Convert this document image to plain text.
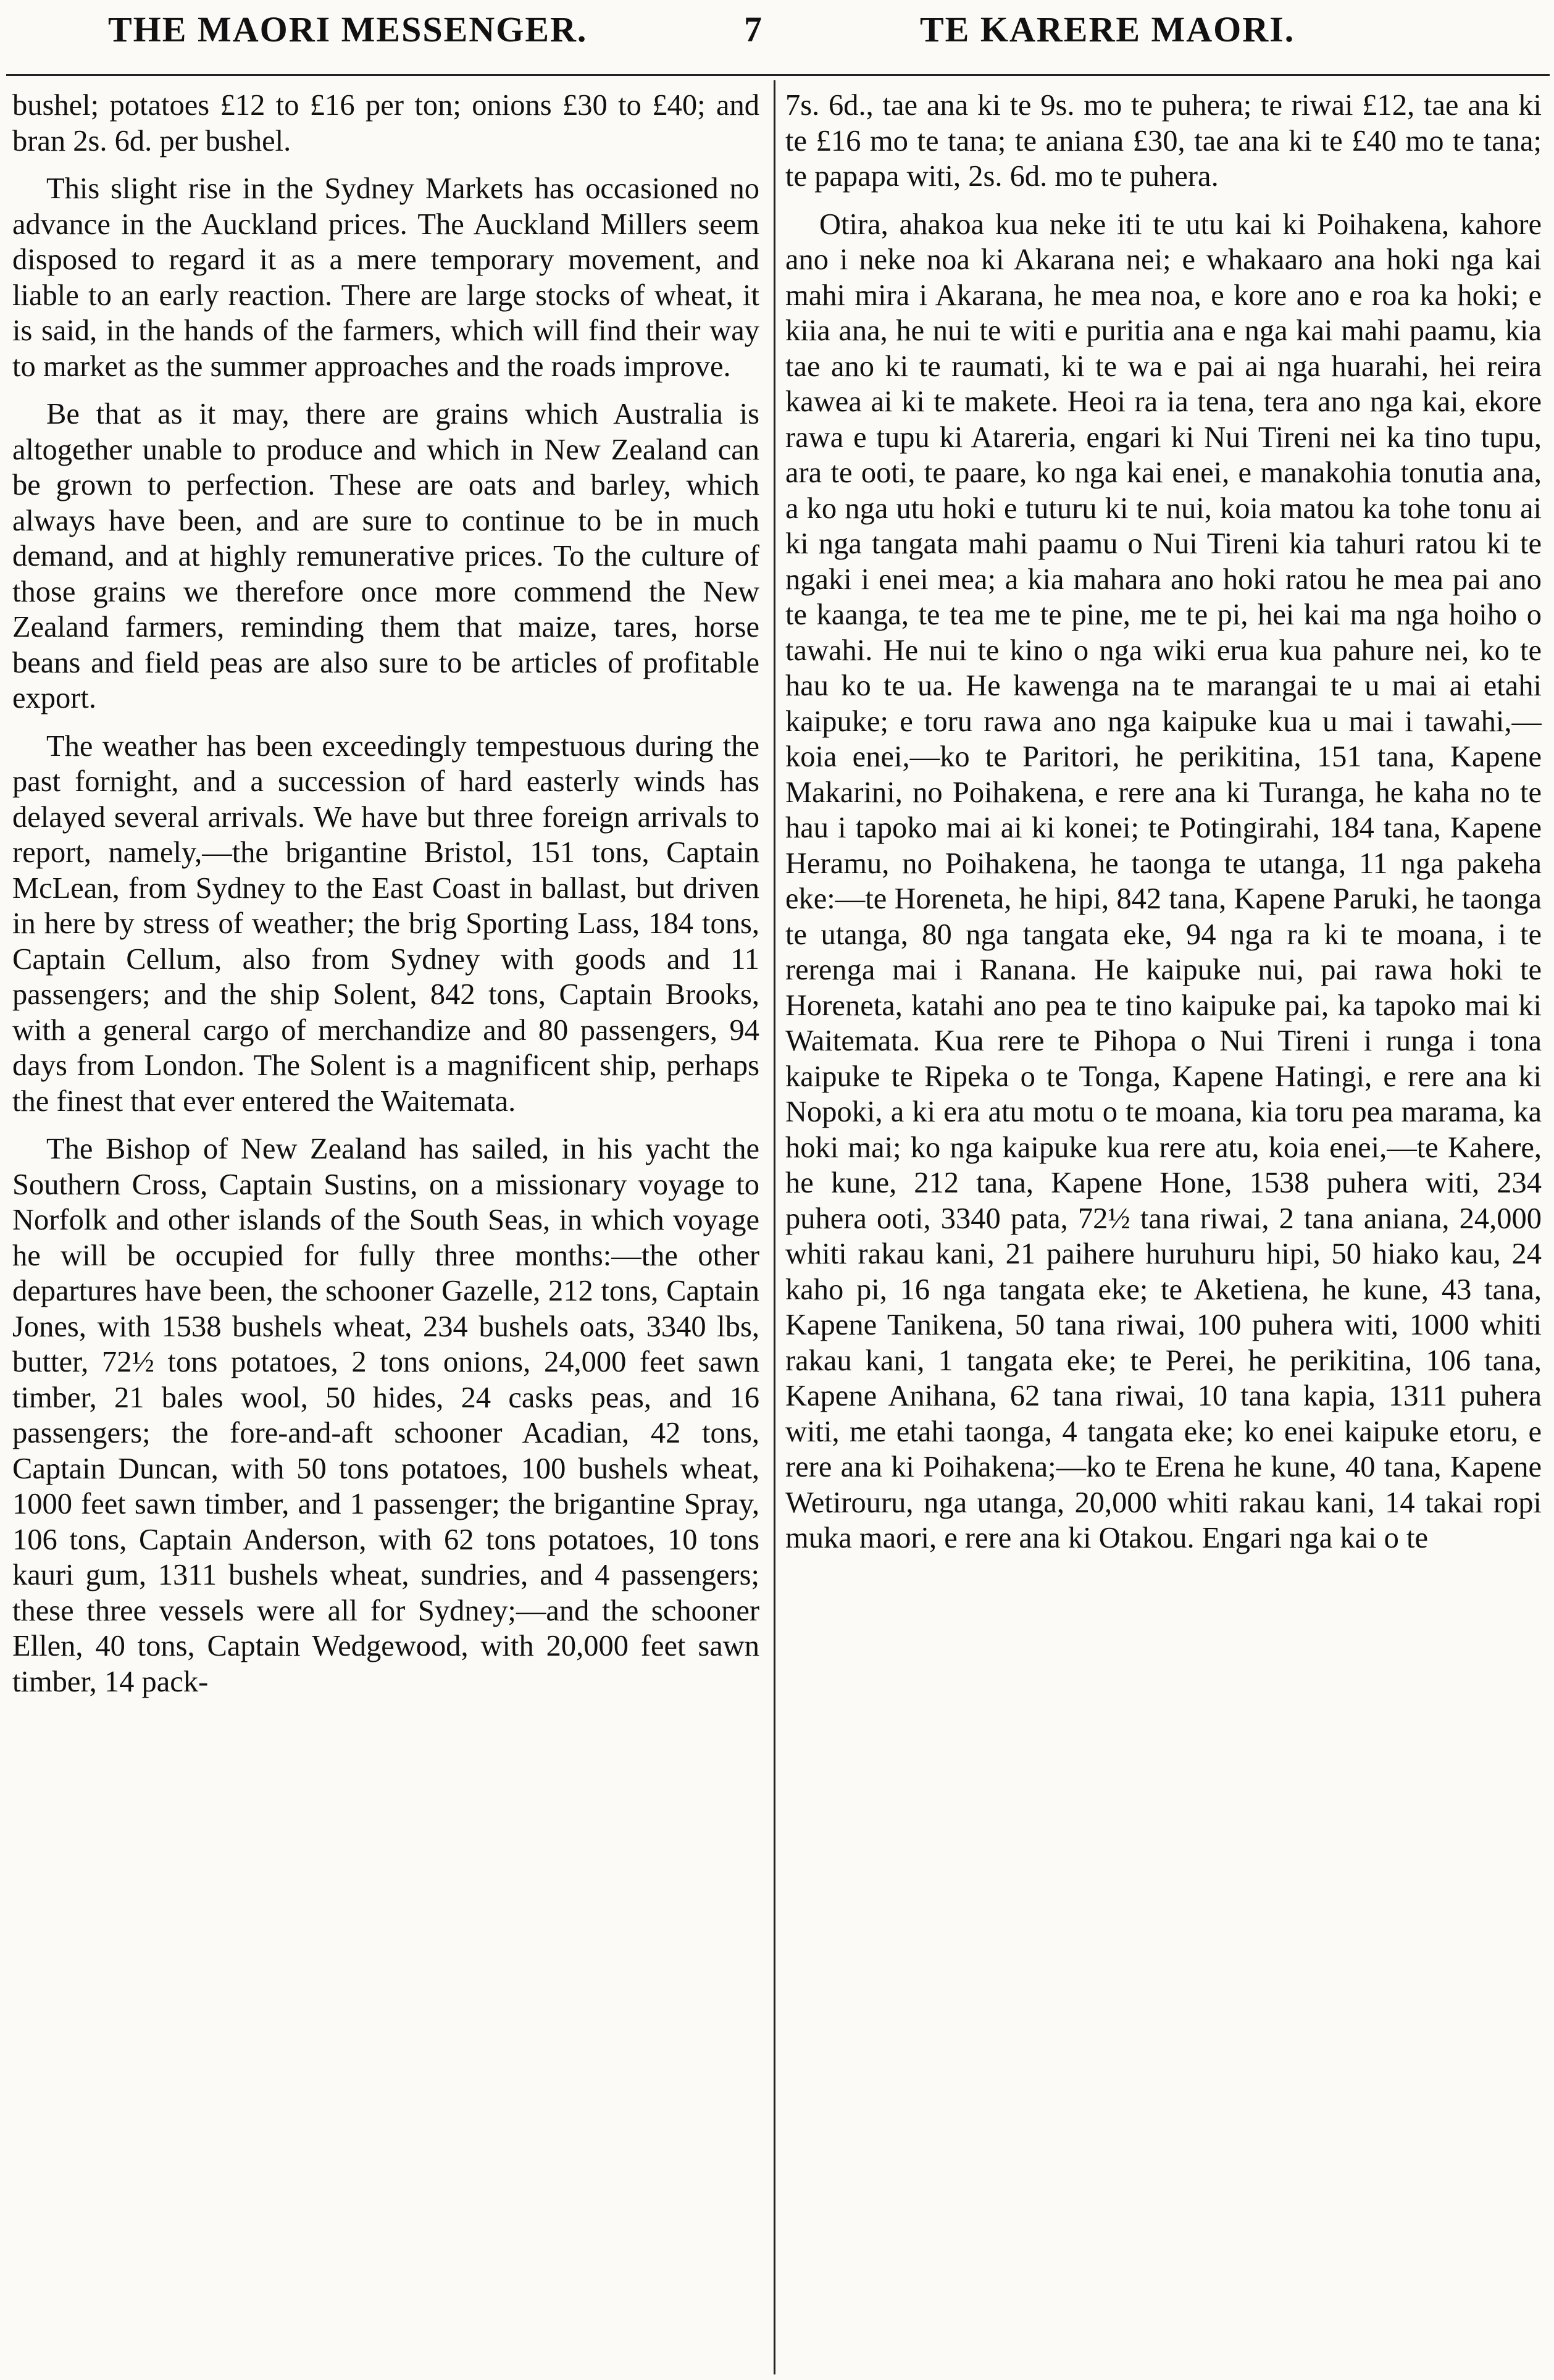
THE MAORI MESSENGER.	7	TE KARERE MAORI.

bushel; potatoes £12 to £16 per ton; onions £30 to £40; and bran 2s. 6d. per bushel.

This slight rise in the Sydney Markets has occasioned no advance in the Auckland prices. The Auckland Millers seem disposed to regard it as a mere temporary movement, and liable to an early reaction. There are large stocks of wheat, it is said, in the hands of the farmers, which will find their way to market as the summer approaches and the roads improve.

Be that as it may, there are grains which Australia is altogether unable to produce and which in New Zealand can be grown to perfection. These are oats and barley, which always have been, and are sure to continue to be in much demand, and at highly remunerative prices. To the culture of those grains we therefore once more commend the New Zealand farmers, reminding them that maize, tares, horse beans and field peas are also sure to be articles of profitable export.

The weather has been exceedingly tempestuous during the past fornight, and a succession of hard easterly winds has delayed several arrivals. We have but three foreign arrivals to report, namely,—the brigantine Bristol, 151 tons, Captain McLean, from Sydney to the East Coast in ballast, but driven in here by stress of weather; the brig Sporting Lass, 184 tons, Captain Cellum, also from Sydney with goods and 11 passengers; and the ship Solent, 842 tons, Captain Brooks, with a general cargo of merchandize and 80 passengers, 94 days from London. The Solent is a magnificent ship, perhaps the finest that ever entered the Waitemata.

The Bishop of New Zealand has sailed, in his yacht the Southern Cross, Captain Sustins, on a missionary voyage to Norfolk and other islands of the South Seas, in which voyage he will be occupied for fully three months:—the other departures have been, the schooner Gazelle, 212 tons, Captain Jones, with 1538 bushels wheat, 234 bushels oats, 3340 lbs, butter, 72½ tons potatoes, 2 tons onions, 24,000 feet sawn timber, 21 bales wool, 50 hides, 24 casks peas, and 16 passengers; the fore-and-aft schooner Acadian, 42 tons, Captain Duncan, with 50 tons potatoes, 100 bushels wheat, 1000 feet sawn timber, and 1 passenger; the brigantine Spray, 106 tons, Captain Anderson, with 62 tons potatoes, 10 tons kauri gum, 1311 bushels wheat, sundries, and 4 passengers; these three vessels were all for Sydney;—and the schooner Ellen, 40 tons, Captain Wedgewood, with 20,000 feet sawn timber, 14 pack-

7s. 6d., tae ana ki te 9s. mo te puhera; te riwai £12, tae ana ki te £16 mo te tana; te aniana £30, tae ana ki te £40 mo te tana; te papapa witi, 2s. 6d. mo te puhera.

Otira, ahakoa kua neke iti te utu kai ki Poihakena, kahore ano i neke noa ki Akarana nei; e whakaaro ana hoki nga kai mahi mira i Akarana, he mea noa, e kore ano e roa ka hoki; e kiia ana, he nui te witi e puritia ana e nga kai mahi paamu, kia tae ano ki te raumati, ki te wa e pai ai nga huarahi, hei reira kawea ai ki te makete. Heoi ra ia tena, tera ano nga kai, ekore rawa e tupu ki Atareria, engari ki Nui Tireni nei ka tino tupu, ara te ooti, te paare, ko nga kai enei, e manakohia tonutia ana, a ko nga utu hoki e tuturu ki te nui, koia matou ka tohe tonu ai ki nga tangata mahi paamu o Nui Tireni kia tahuri ratou ki te ngaki i enei mea; a kia mahara ano hoki ratou he mea pai ano te kaanga, te tea me te pine, me te pi, hei kai ma nga hoiho o tawahi. He nui te kino o nga wiki erua kua pahure nei, ko te hau ko te ua. He kawenga na te marangai te u mai ai etahi kaipuke; e toru rawa ano nga kaipuke kua u mai i tawahi,—koia enei,—ko te Paritori, he perikitina, 151 tana, Kapene Makarini, no Poihakena, e rere ana ki Turanga, he kaha no te hau i tapoko mai ai ki konei; te Potingirahi, 184 tana, Kapene Heramu, no Poihakena, he taonga te utanga, 11 nga pakeha eke:—te Horeneta, he hipi, 842 tana, Kapene Paruki, he taonga te utanga, 80 nga tangata eke, 94 nga ra ki te moana, i te rerenga mai i Ranana. He kaipuke nui, pai rawa hoki te Horeneta, katahi ano pea te tino kaipuke pai, ka tapoko mai ki Waitemata. Kua rere te Pihopa o Nui Tireni i runga i tona kaipuke te Ripeka o te Tonga, Kapene Hatingi, e rere ana ki Nopoki, a ki era atu motu o te moana, kia toru pea marama, ka hoki mai; ko nga kaipuke kua rere atu, koia enei,—te Kahere, he kune, 212 tana, Kapene Hone, 1538 puhera witi, 234 puhera ooti, 3340 pata, 72½ tana riwai, 2 tana aniana, 24,000 whiti rakau kani, 21 paihere huruhuru hipi, 50 hiako kau, 24 kaho pi, 16 nga tangata eke; te Aketiena, he kune, 43 tana, Kapene Tanikena, 50 tana riwai, 100 puhera witi, 1000 whiti rakau kani, 1 tangata eke; te Perei, he perikitina, 106 tana, Kapene Anihana, 62 tana riwai, 10 tana kapia, 1311 puhera witi, me etahi taonga, 4 tangata eke; ko enei kaipuke etoru, e rere ana ki Poihakena;—ko te Erena he kune, 40 tana, Kapene Wetirouru, nga utanga, 20,000 whiti rakau kani, 14 takai ropi muka maori, e rere ana ki Otakou. Engari nga kai o te
